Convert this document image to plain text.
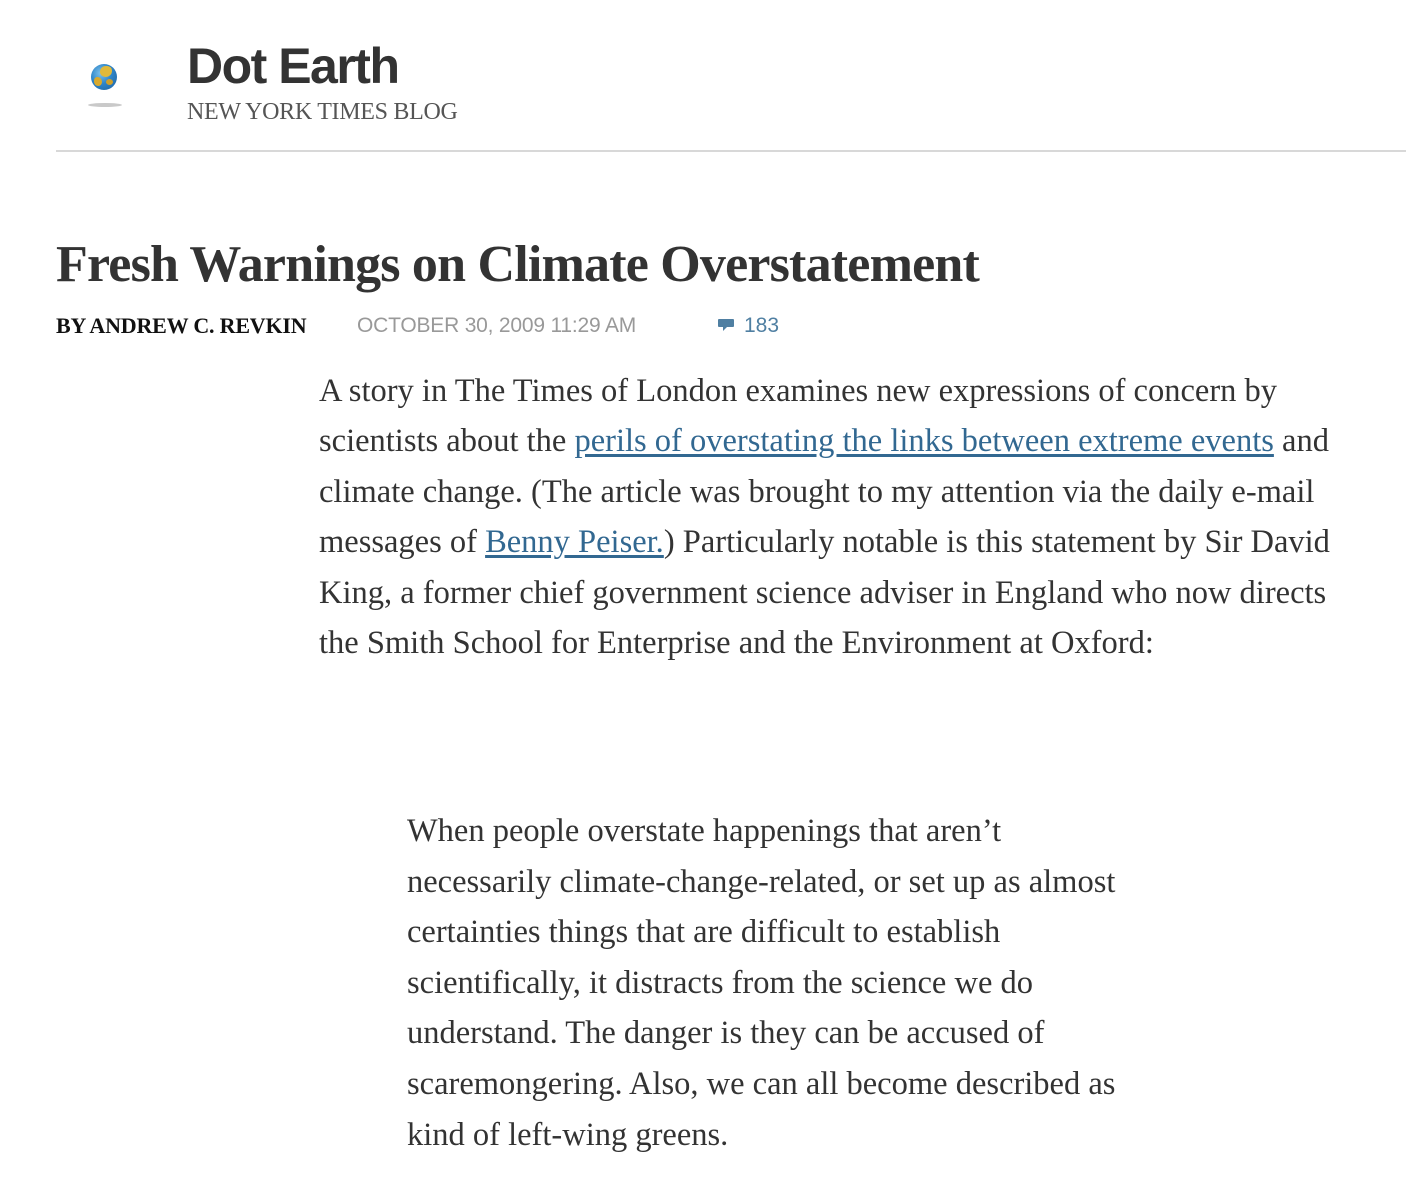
Dot Earth
NEW YORK TIMES BLOG
Fresh Warnings on Climate Overstatement
BY ANDREW C. REVKIN OCTOBER 30, 2009 11:29 AM	183

A story in The Times of London examines new expressions of concern by scientists about the perils of overstating the links between extreme events and climate change. (The article was brought to my attention via the daily e-mail messages of Benny Peiser.) Particularly notable is this statement by Sir David King, a former chief government science adviser in England who now directs the Smith School for Enterprise and the Environment at Oxford:

When people overstate happenings that aren’t
necessarily climate-change-related, or set up as almost
certainties things that are difficult to establish
scientifically, it distracts from the science we do
understand. The danger is they can be accused of
scaremongering. Also, we can all become described as
kind of left-wing greens.
